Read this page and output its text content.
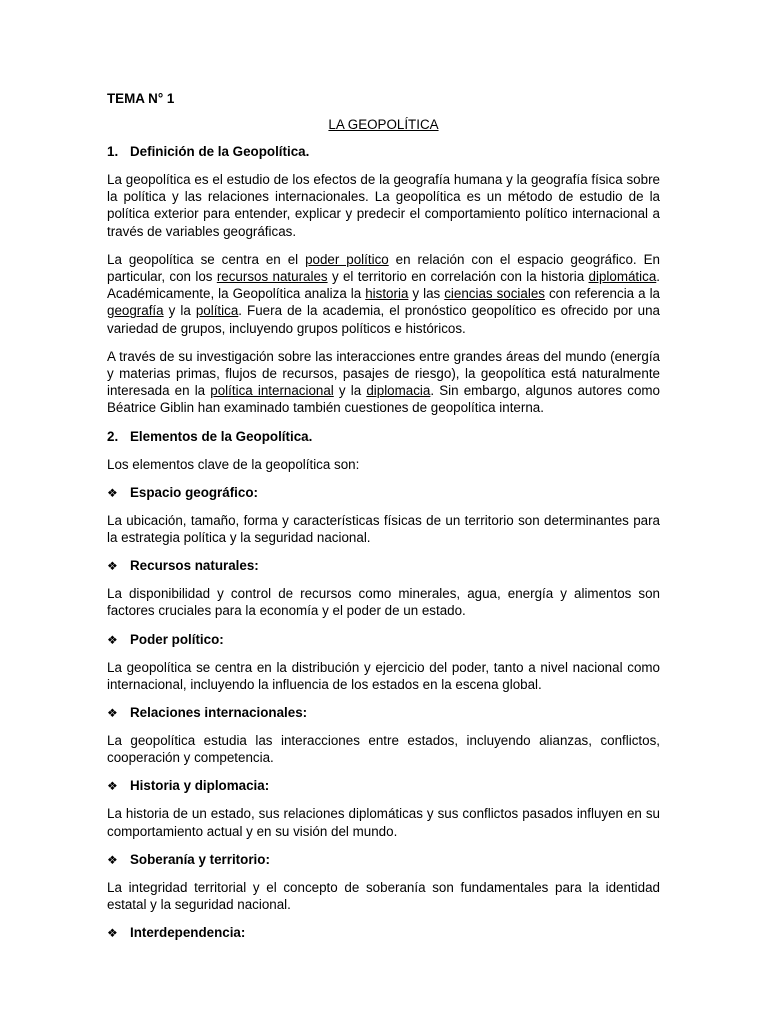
TEMA N° 1
LA GEOPOLÍTICA
1. Definición de la Geopolítica.

La geopolítica es el estudio de los efectos de la geografía humana y la geografía física sobre la política y las relaciones internacionales. La geopolítica es un método de estudio de la política exterior para entender, explicar y predecir el comportamiento político internacional a través de variables geográficas.

La geopolítica se centra en el poder político en relación con el espacio geográfico. En particular, con los recursos naturales y el territorio en correlación con la historia diplomática. Académicamente, la Geopolítica analiza la historia y las ciencias sociales con referencia a la geografía y la política. Fuera de la academia, el pronóstico geopolítico es ofrecido por una variedad de grupos, incluyendo grupos políticos e históricos.

A través de su investigación sobre las interacciones entre grandes áreas del mundo (energía y materias primas, flujos de recursos, pasajes de riesgo), la geopolítica está naturalmente interesada en la política internacional y la diplomacia. Sin embargo, algunos autores como Béatrice Giblin han examinado también cuestiones de geopolítica interna.

2. Elementos de la Geopolítica.

Los elementos clave de la geopolítica son:

❖ Espacio geográfico:

La ubicación, tamaño, forma y características físicas de un territorio son determinantes para la estrategia política y la seguridad nacional.

❖ Recursos naturales:

La disponibilidad y control de recursos como minerales, agua, energía y alimentos son factores cruciales para la economía y el poder de un estado.

❖ Poder político:

La geopolítica se centra en la distribución y ejercicio del poder, tanto a nivel nacional como internacional, incluyendo la influencia de los estados en la escena global.

❖ Relaciones internacionales:

La geopolítica estudia las interacciones entre estados, incluyendo alianzas, conflictos, cooperación y competencia.

❖ Historia y diplomacia:

La historia de un estado, sus relaciones diplomáticas y sus conflictos pasados influyen en su comportamiento actual y en su visión del mundo.

❖ Soberanía y territorio:

La integridad territorial y el concepto de soberanía son fundamentales para la identidad estatal y la seguridad nacional.

❖ Interdependencia:
